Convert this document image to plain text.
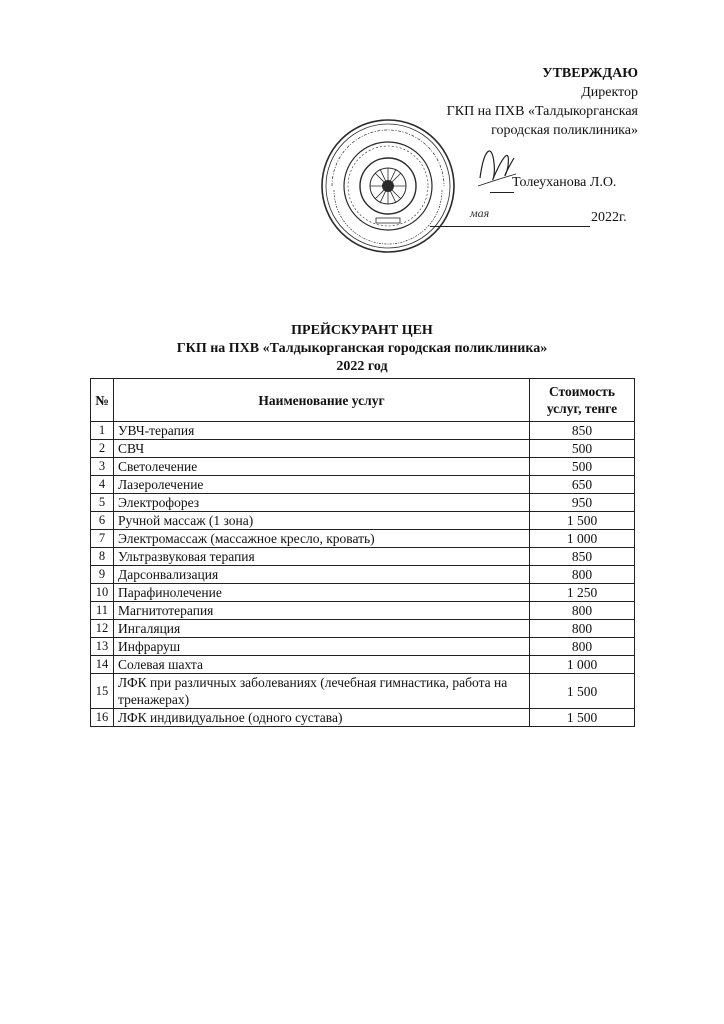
УТВЕРЖДАЮ
Директор
ГКП на ПХВ «Талдыкорганская
городская поликлиника»
Толеуханова Л.О.
мая	2022г.
ПРЕЙСКУРАНТ ЦЕН
ГКП на ПХВ «Талдыкорганская городская поликлиника»
2022 год
№	Наименование услуг	Стоимость
услуг, тенге

1	УВЧ-терапия	850
2	СВЧ	500
3	Светолечение	500
4	Лазеролечение	650
5	Электрофорез	950
6	Ручной массаж (1 зона)	1 500
7	Электромассаж (массажное кресло, кровать)	1 000
8	Ультразвуковая терапия	850
9	Дарсонвализация	800
10	Парафинолечение	1 250
11	Магнитотерапия	800
12	Ингаляция	800
13	Инфраруш	800
14	Солевая шахта	1 000
15	ЛФК при различных заболеваниях (лечебная гимнастика, работа на тренажерах)	1 500
16	ЛФК индивидуальное (одного сустава)	1 500
